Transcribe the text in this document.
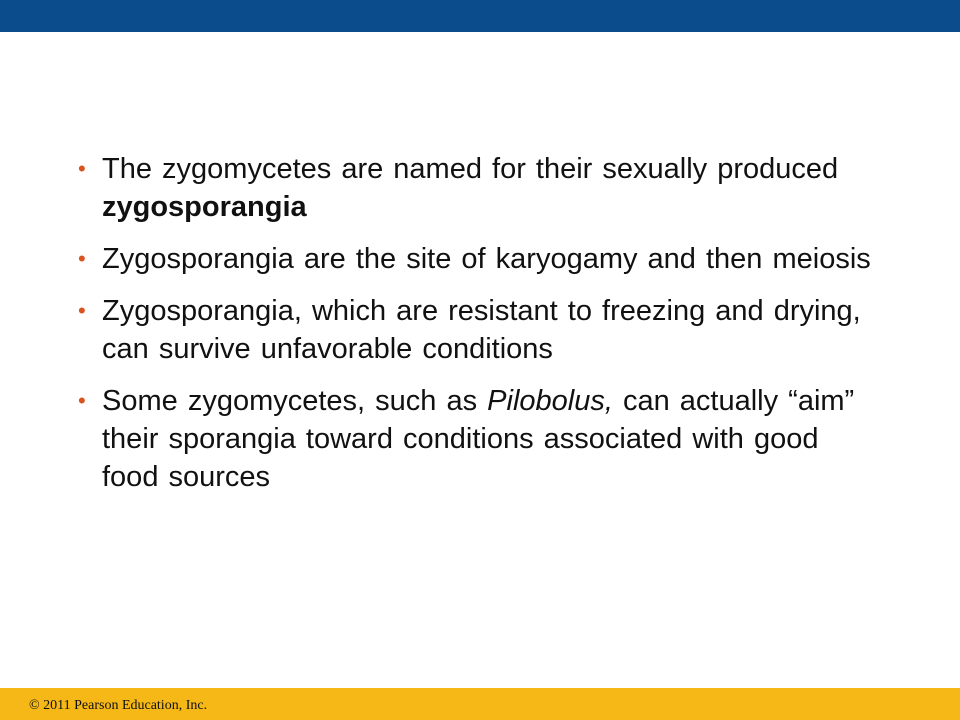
• The zygomycetes are named for their sexually produced zygosporangia
• Zygosporangia are the site of karyogamy and then meiosis
• Zygosporangia, which are resistant to freezing and drying, can survive unfavorable conditions
• Some zygomycetes, such as Pilobolus, can actually “aim” their sporangia toward conditions associated with good food sources
© 2011 Pearson Education, Inc.
